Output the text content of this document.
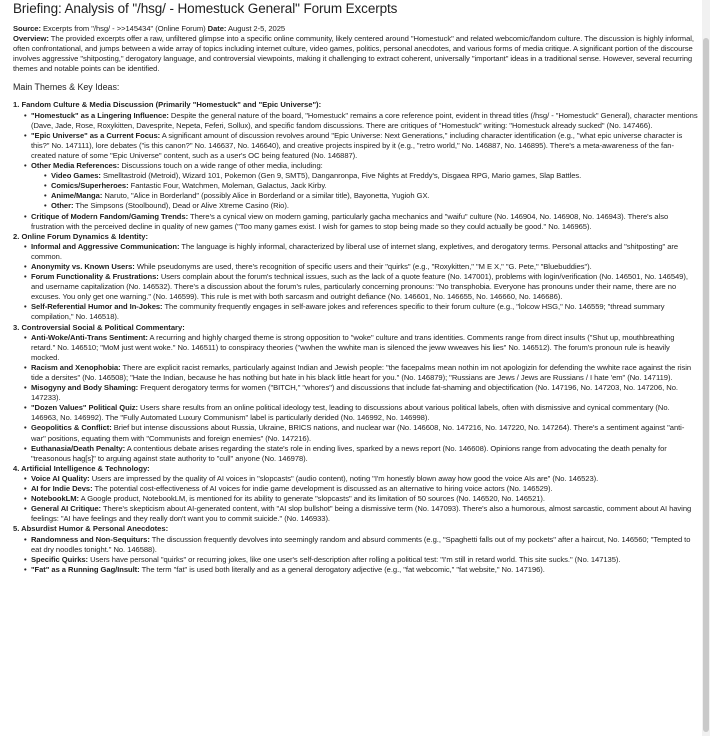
Briefing: Analysis of "/hsg/ - Homestuck General" Forum Excerpts

Source: Excerpts from "/hsg/ - >>145434" (Online Forum) Date: August 2-5, 2025

Overview: The provided excerpts offer a raw, unfiltered glimpse into a specific online community, likely centered around "Homestuck" and related webcomic/fandom culture. The discussion is highly informal, often confrontational, and jumps between a wide array of topics including internet culture, video games, politics, personal anecdotes, and various forms of media critique. A significant portion of the discourse involves aggressive "shitposting," derogatory language, and controversial viewpoints, making it challenging to extract coherent, universally "important" ideas in a traditional sense. However, several recurring themes and notable points can be identified.

Main Themes & Key Ideas:
1. Fandom Culture & Media Discussion (Primarily "Homestuck" and "Epic Universe"):
• "Homestuck" as a Lingering Influence: Despite the general nature of the board, "Homestuck" remains a core reference point, evident in thread titles (/hsg/ - "Homestuck" General), character mentions (Dave, Jade, Rose, Roxykitten, Davesprite, Nepeta, Feferi, Sollux), and specific fandom discussions. There are critiques of "Homestuck" writing: "Homestuck already sucked" (No. 147466).
• "Epic Universe" as a Current Focus: A significant amount of discussion revolves around "Epic Universe: Next Generations," including character identification (e.g., "what epic universe character is this?" No. 147111), lore debates ("is this canon?" No. 146637, No. 146640), and creative projects inspired by it (e.g., "retro world," No. 146887, No. 146895). There's a meta-awareness of the fan-created nature of some "Epic Universe" content, such as a user's OC being featured (No. 146887).
• Other Media References: Discussions touch on a wide range of other media, including:
• Video Games: Smelltastroid (Metroid), Wizard 101, Pokemon (Gen 9, SMT5), Danganronpa, Five Nights at Freddy's, Disgaea RPG, Mario games, Slap Battles.
• Comics/Superheroes: Fantastic Four, Watchmen, Moleman, Galactus, Jack Kirby.
• Anime/Manga: Naruto, "Alice in Borderland" (possibly Alice in Borderland or a similar title), Bayonetta, Yugioh GX.
• Other: The Simpsons (Stoolbound), Dead or Alive Xtreme Casino (Rio).
• Critique of Modern Fandom/Gaming Trends: There's a cynical view on modern gaming, particularly gacha mechanics and "waifu" culture (No. 146904, No. 146908, No. 146943). There's also frustration with the perceived decline in quality of new games ("Too many games exist. I wish for games to stop being made so they could actually be good." No. 146965).
2. Online Forum Dynamics & Identity:
• Informal and Aggressive Communication: The language is highly informal, characterized by liberal use of internet slang, expletives, and derogatory terms. Personal attacks and "shitposting" are common.
• Anonymity vs. Known Users: While pseudonyms are used, there's recognition of specific users and their "quirks" (e.g., "Roxykitten," "M E X," "G. Pete," "Bluebuddies").
• Forum Functionality & Frustrations: Users complain about the forum's technical issues, such as the lack of a quote feature (No. 147001), problems with login/verification (No. 146501, No. 146549), and username capitalization (No. 146532). There's a discussion about the forum's rules, particularly concerning pronouns: "No transphobia. Everyone has pronouns under their name, there are no excuses. You only get one warning." (No. 146599). This rule is met with both sarcasm and outright defiance (No. 146601, No. 146655, No. 146660, No. 146686).
• Self-Referential Humor and In-Jokes: The community frequently engages in self-aware jokes and references specific to their forum culture (e.g., "lolcow HSG," No. 146559; "thread summary compilation," No. 146518).
3. Controversial Social & Political Commentary:
• Anti-Woke/Anti-Trans Sentiment: A recurring and highly charged theme is strong opposition to "woke" culture and trans identities. Comments range from direct insults ("Shut up, mouthbreathing retard." No. 146510; "MoM just went woke." No. 146511) to conspiracy theories ("wwhen the wwhite man is silenced the jeww wweaves his lies" No. 146512). The forum's pronoun rule is heavily mocked.
• Racism and Xenophobia: There are explicit racist remarks, particularly against Indian and Jewish people: "the facepalms mean nothin im not apologizin for defending the wwhite race against the risin tide a dersites" (No. 146508); "Hate the Indian, because he has nothing but hate in his black little heart for you." (No. 146879); "Russians are Jews / Jews are Russians / I hate 'em" (No. 147119).
• Misogyny and Body Shaming: Frequent derogatory terms for women ("BITCH," "whores") and discussions that include fat-shaming and objectification (No. 147196, No. 147203, No. 147206, No. 147233).
• "Dozen Values" Political Quiz: Users share results from an online political ideology test, leading to discussions about various political labels, often with dismissive and cynical commentary (No. 146963, No. 146992). The "Fully Automated Luxury Communism" label is particularly derided (No. 146992, No. 146998).
• Geopolitics & Conflict: Brief but intense discussions about Russia, Ukraine, BRICS nations, and nuclear war (No. 146608, No. 147216, No. 147220, No. 147264). There's a sentiment against "anti-war" positions, equating them with "Communists and foreign enemies" (No. 147216).
• Euthanasia/Death Penalty: A contentious debate arises regarding the state's role in ending lives, sparked by a news report (No. 146608). Opinions range from advocating the death penalty for "treasonous hag[s]" to arguing against state authority to "cull" anyone (No. 146978).
4. Artificial Intelligence & Technology:
• Voice AI Quality: Users are impressed by the quality of AI voices in "slopcasts" (audio content), noting "I'm honestly blown away how good the voice AIs are" (No. 146523).
• AI for Indie Devs: The potential cost-effectiveness of AI voices for indie game development is discussed as an alternative to hiring voice actors (No. 146529).
• NotebookLM: A Google product, NotebookLM, is mentioned for its ability to generate "slopcasts" and its limitation of 50 sources (No. 146520, No. 146521).
• General AI Critique: There's skepticism about AI-generated content, with "AI slop bullshot" being a dismissive term (No. 147093). There's also a humorous, almost sarcastic, comment about AI having feelings: "AI have feelings and they really don't want you to commit suicide." (No. 146933).
5. Absurdist Humor & Personal Anecdotes:
• Randomness and Non-Sequiturs: The discussion frequently devolves into seemingly random and absurd comments (e.g., "Spaghetti falls out of my pockets" after a haircut, No. 146560; "Tempted to eat dry noodles tonight." No. 146588).
• Specific Quirks: Users have personal "quirks" or recurring jokes, like one user's self-description after rolling a political test: "I'm still in retard world. This site sucks." (No. 147135).
• "Fat" as a Running Gag/Insult: The term "fat" is used both literally and as a general derogatory adjective (e.g., "fat webcomic," "fat website," No. 147196).
